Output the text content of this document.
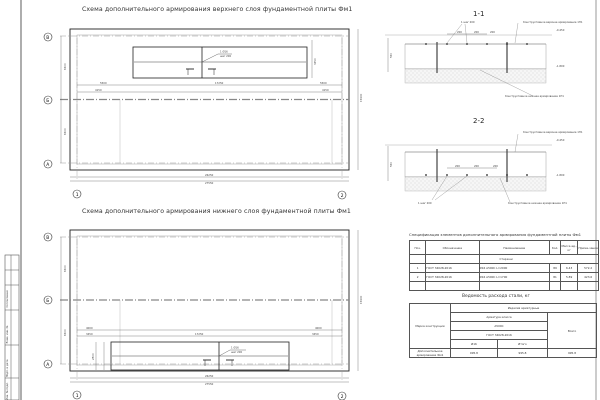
1 Ø16
шаг 200
5500
4150
17250	5500
4150
26250
27550
6300
6300
15900
3350
В
Б
А
1	2
1 Ø16
шаг 200
4000
3450	17250
4000
3450
26250
27550
6300
6300
15900
2800
В
Б
А
1	2
200	200	200
1 шаг 200	Конструктивное верхнее армирование 1Н1
Конструктивное нижнее армирование 1Н1
-0.450
-1.800
550
200	200	200
1 шаг 200
Конструктивное верхнее армирование 1Н1
Конструктивное нижнее армирование 1Н1
-0.450
-1.800
550
Схема дополнительного армирования верхнего слоя фундаментной плиты Фм1
Схема дополнительного армирования нижнего слоя фундаментной плиты Фм1
1-1
2-2
Спецификация элементов дополнительного армирования фундаментной плиты Фм1
Поз.	Обозначение	Наименование	Кол.	Масса ед., кг	Приме-чание
		Стержни			
1	ГОСТ 34028-2016	Ø16 A500С L=2000	89	6.43	572.2
2	ГОСТ 34028-2016	Ø16 A500С L=1700	81	5.89	423.6

Ведомость расхода стали, кг
Марка конструкции	Изделия арматурные		
	Арматура класса		Всего
	А500С		
	ГОСТ 34028-2016		
	Ø16	Итого	
Дополнительное армирование Фм1	995.8	995.8	995.8
Инв. № подл. Подп. и дата Взам. инв. № Согласовано
